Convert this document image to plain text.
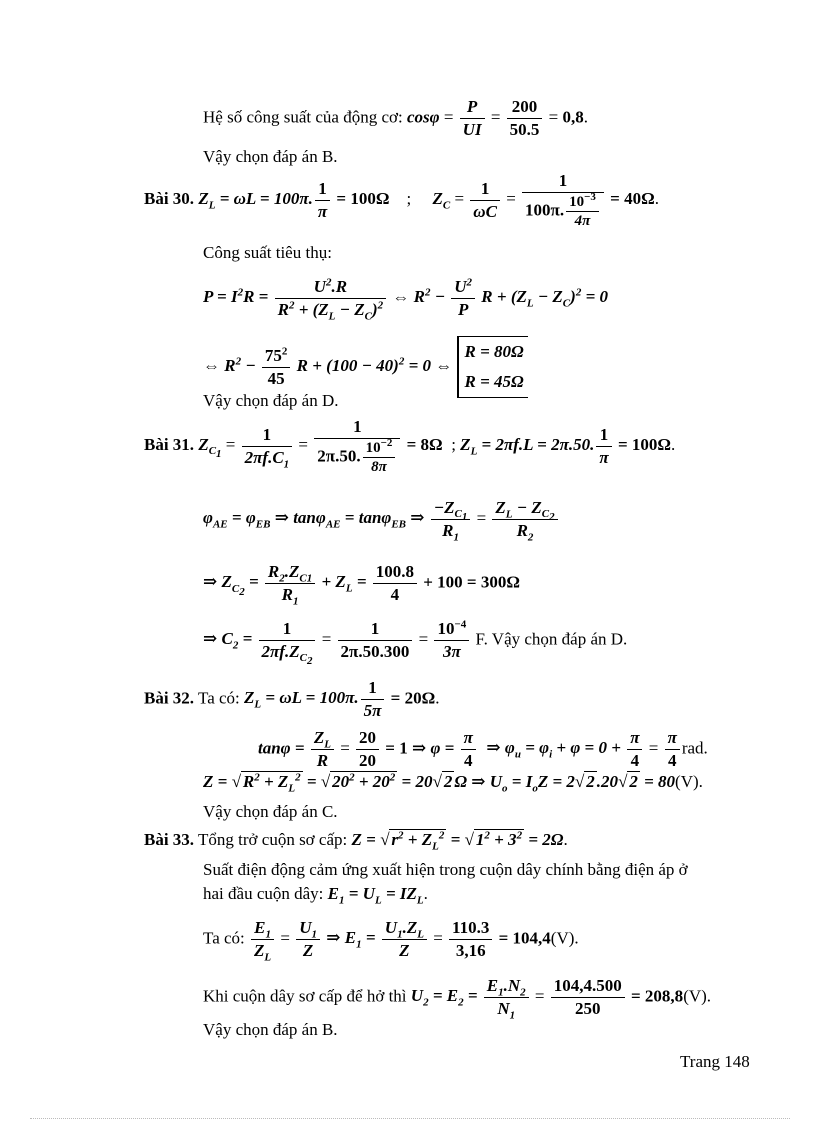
Hệ số công suất của động cơ: $\cos\varphi = \frac{P}{UI} = \frac{200}{50.5} = 0,8$.
Vậy chọn đáp án B.
Bài 30. $Z_L = \omega L = 100\pi$. $\frac{1}{\pi} = 100\Omega$ ; $Z_C = \frac{1}{\omega C} = \frac{1}{100\pi. \frac{10^{-3}}{4\pi}} = 40\Omega$.
Công suất tiêu thụ:
$P = I^2R = \frac{U^2.R}{R^2 + (Z_L - Z_C)^2}$ ⇔ $R^2 - \frac{U^2}{P}$ $R + (Z_L - Z_C)^2 = 0$
⇔ $R^2 - \frac{75^2}{45}$ $R + (100 - 40)^2 = 0$ ⇔
R = 80Ω
R = 45Ω
Vậy chọn đáp án D.
Bài 31. $Z_{C_1} = \frac{1}{2\pi f.C_1} = \frac{1}{2\pi.50. \frac{10^{-2}}{8\pi}} = 8\Omega$ ; $Z_L = 2\pi f.L = 2\pi.50$. $\frac{1}{\pi} = 100\Omega$.
$\varphi_{AE} = \varphi_{EB}$ ⇒ tanφ$_{AE}$ = tanφ$_{EB}$ ⇒ $\frac{-Z_{C_1}}{R_1} = \frac{Z_L - Z_{C_2}}{R_2}$
⇒ $Z_{C_2} = \frac{R_2.Z_{C1}}{R_1} + Z_L = \frac{100.8}{4} + 100 = 300\Omega$
⇒ $C_2 = \frac{1}{2\pi f.Z_{C_2}} = \frac{1}{2\pi.50.300} = \frac{10^{-4}}{3\pi} F$. Vậy chọn đáp án D.
Bài 32. Ta có: $Z_L = \omega L = 100\pi$. $\frac{1}{5\pi} = 20\Omega$.
$\tan\varphi = \frac{Z_L}{R} = \frac{20}{20} = 1$ ⇒ $\varphi = \frac{\pi}{4}$ ⇒ $\varphi_u = \varphi_i + \varphi = 0 + \frac{\pi}{4} = \frac{\pi}{4}$ rad.
Z = √ $R^2 + Z_L^2$ = √ $20^2 + 20^2 = 20√$ 2 Ω ⇒ $U_o = I_oZ = 2√$ 2 .20√ 2 = 80(V).
Vậy chọn đáp án C.
Bài 33. Tổng trở cuộn sơ cấp: Z = √ $r^2 + Z_L^2$ = √ $1^2 + 3^2 = 2\Omega$.
Suất điện động cảm ứng xuất hiện trong cuộn dây chính bằng điện áp ở
hai đầu cuộn dây: $E_1 = U_L = IZ_L$.
Ta có: $\frac{E_1}{Z_L} = \frac{U_1}{Z}$ ⇒ $E_1 = \frac{U_1.Z_L}{Z} = \frac{110.3}{3,16} = 104,4(V)$.
Khi cuộn dây sơ cấp để hở thì $U_2 = E_2 = \frac{E_1.N_2}{N_1} = \frac{104,4.500}{250} = 208,8(V)$.
Vậy chọn đáp án B.
Trang 148
